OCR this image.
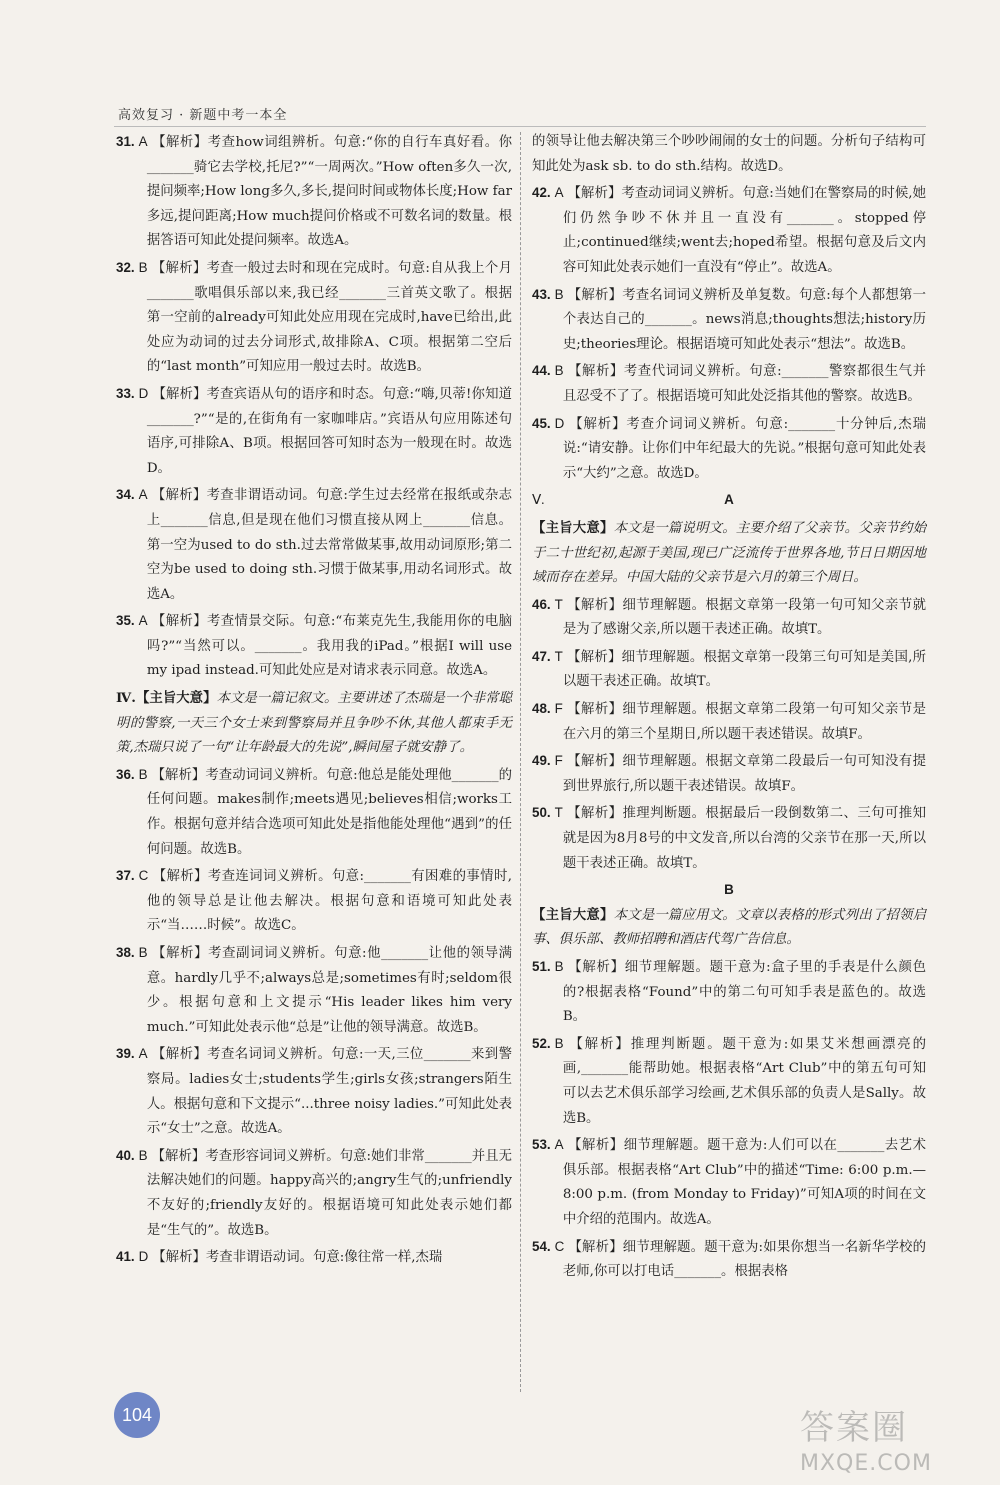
高效复习 · 新题中考一本全

31. A 【解析】考查how词组辨析。句意:“你的自行车真好看。你_______骑它去学校,托尼?”“一周两次。”How often多久一次,提问频率;How long多久,多长,提问时间或物体长度;How far多远,提问距离;How much提问价格或不可数名词的数量。根据答语可知此处提问频率。故选A。

32. B 【解析】考查一般过去时和现在完成时。句意:自从我上个月_______歌唱俱乐部以来,我已经_______三首英文歌了。根据第一空前的already可知此处应用现在完成时,have已给出,此处应为动词的过去分词形式,故排除A、C项。根据第二空后的“last month”可知应用一般过去时。故选B。

33. D 【解析】考查宾语从句的语序和时态。句意:“嗨,贝蒂!你知道_______?”“是的,在街角有一家咖啡店。”宾语从句应用陈述句语序,可排除A、B项。根据回答可知时态为一般现在时。故选D。

34. A 【解析】考查非谓语动词。句意:学生过去经常在报纸或杂志上_______信息,但是现在他们习惯直接从网上_______信息。第一空为used to do sth.过去常常做某事,故用动词原形;第二空为be used to doing sth.习惯于做某事,用动名词形式。故选A。

35. A 【解析】考查情景交际。句意:“布莱克先生,我能用你的电脑吗?”“当然可以。_______。我用我的iPad。”根据I will use my ipad instead.可知此处应是对请求表示同意。故选A。

Ⅳ.【主旨大意】本文是一篇记叙文。主要讲述了杰瑞是一个非常聪明的警察,一天三个女士来到警察局并且争吵不休,其他人都束手无策,杰瑞只说了一句“让年龄最大的先说”,瞬间屋子就安静了。

36. B 【解析】考查动词词义辨析。句意:他总是能处理他_______的任何问题。makes制作;meets遇见;believes相信;works工作。根据句意并结合选项可知此处是指他能处理他“遇到”的任何问题。故选B。

37. C 【解析】考查连词词义辨析。句意:_______有困难的事情时,他的领导总是让他去解决。根据句意和语境可知此处表示“当……时候”。故选C。

38. B 【解析】考查副词词义辨析。句意:他_______让他的领导满意。hardly几乎不;always总是;sometimes有时;seldom很少。根据句意和上文提示“His leader likes him very much.”可知此处表示他“总是”让他的领导满意。故选B。

39. A 【解析】考查名词词义辨析。句意:一天,三位_______来到警察局。ladies女士;students学生;girls女孩;strangers陌生人。根据句意和下文提示“...three noisy ladies.”可知此处表示“女士”之意。故选A。

40. B 【解析】考查形容词词义辨析。句意:她们非常_______并且无法解决她们的问题。happy高兴的;angry生气的;unfriendly不友好的;friendly友好的。根据语境可知此处表示她们都是“生气的”。故选B。

41. D 【解析】考查非谓语动词。句意:像往常一样,杰瑞

的领导让他去解决第三个吵吵闹闹的女士的问题。分析句子结构可知此处为ask sb. to do sth.结构。故选D。

42. A 【解析】考查动词词义辨析。句意:当她们在警察局的时候,她们仍然争吵不休并且一直没有_______。stopped停止;continued继续;went去;hoped希望。根据句意及后文内容可知此处表示她们一直没有“停止”。故选A。

43. B 【解析】考查名词词义辨析及单复数。句意:每个人都想第一个表达自己的_______。news消息;thoughts想法;history历史;theories理论。根据语境可知此处表示“想法”。故选B。

44. B 【解析】考查代词词义辨析。句意:_______警察都很生气并且忍受不了了。根据语境可知此处泛指其他的警察。故选B。

45. D 【解析】考查介词词义辨析。句意:_______十分钟后,杰瑞说:“请安静。让你们中年纪最大的先说。”根据句意可知此处表示“大约”之意。故选D。

Ⅴ.	A

【主旨大意】本文是一篇说明文。主要介绍了父亲节。父亲节约始于二十世纪初,起源于美国,现已广泛流传于世界各地,节日日期因地域而存在差异。中国大陆的父亲节是六月的第三个周日。

46. T 【解析】细节理解题。根据文章第一段第一句可知父亲节就是为了感谢父亲,所以题干表述正确。故填T。

47. T 【解析】细节理解题。根据文章第一段第三句可知是美国,所以题干表述正确。故填T。

48. F 【解析】细节理解题。根据文章第二段第一句可知父亲节是在六月的第三个星期日,所以题干表述错误。故填F。

49. F 【解析】细节理解题。根据文章第二段最后一句可知没有提到世界旅行,所以题干表述错误。故填F。

50. T 【解析】推理判断题。根据最后一段倒数第二、三句可推知就是因为8月8号的中文发音,所以台湾的父亲节在那一天,所以题干表述正确。故填T。

B

【主旨大意】本文是一篇应用文。文章以表格的形式列出了招领启事、俱乐部、教师招聘和酒店代驾广告信息。

51. B 【解析】细节理解题。题干意为:盒子里的手表是什么颜色的?根据表格“Found”中的第二句可知手表是蓝色的。故选B。

52. B 【解析】推理判断题。题干意为:如果艾米想画漂亮的画,_______能帮助她。根据表格“Art Club”中的第五句可知可以去艺术俱乐部学习绘画,艺术俱乐部的负责人是Sally。故选B。

53. A 【解析】细节理解题。题干意为:人们可以在_______去艺术俱乐部。根据表格“Art Club”中的描述“Time: 6:00 p.m.—8:00 p.m. (from Monday to Friday)”可知A项的时间在文中介绍的范围内。故选A。

54. C 【解析】细节理解题。题干意为:如果你想当一名新华学校的老师,你可以打电话_______。根据表格

104	答案圈
MXQE.COM
